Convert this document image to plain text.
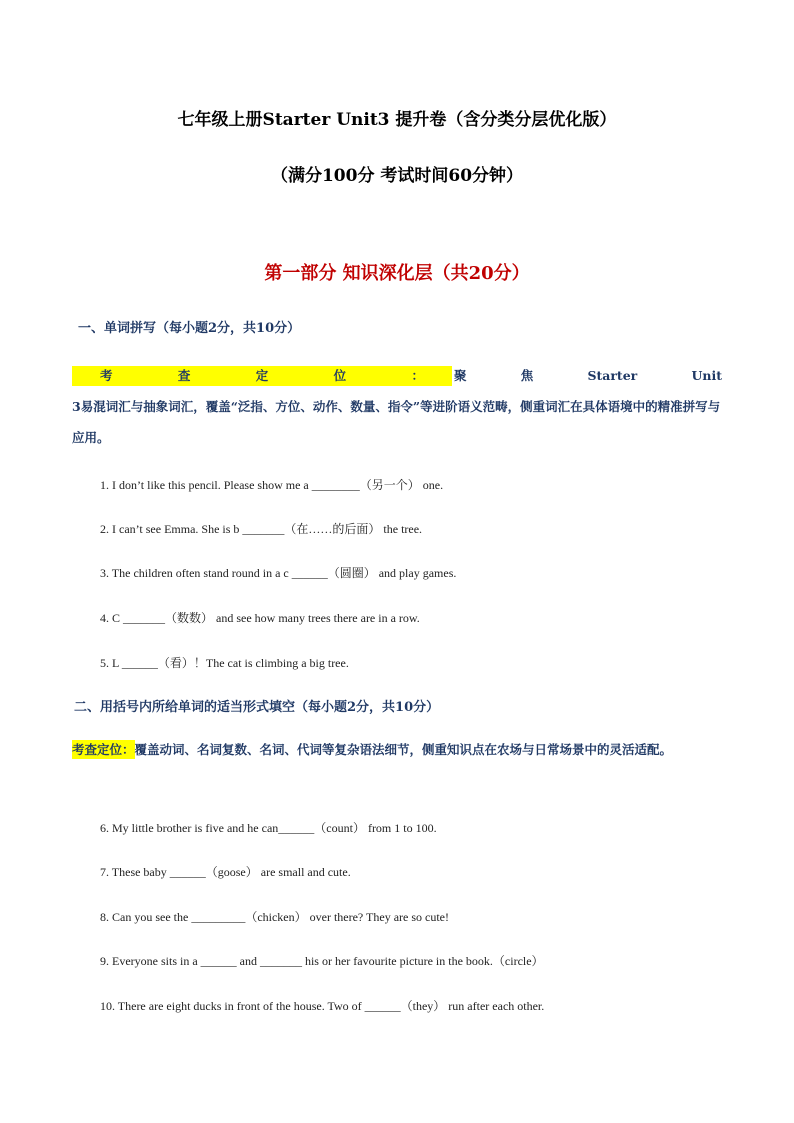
七年级上册Starter Unit3 提升卷（含分类分层优化版）
（满分100分 考试时间60分钟）
第一部分 知识深化层（共20分）
一、单词拼写（每小题2分，共10分）
考	查	定	位	： 聚	焦	Starter	Unit
3易混词汇与抽象词汇，覆盖“泛指、方位、动作、数量、指令”等进阶语义范畴，侧重词汇在具体语境中的精准拼写与应用。
1. I don’t like this pencil. Please show me a ________（另一个） one.
2. I can’t see Emma. She is b _______（在……的后面） the tree.
3. The children often stand round in a c ______（圆圈） and play games.
4. C _______（数数） and see how many trees there are in a row.
5. L ______（看）！The cat is climbing a big tree.
二、用括号内所给单词的适当形式填空（每小题2分，共10分）
考查定位：覆盖动词、名词复数、名词、代词等复杂语法细节，侧重知识点在农场与日常场景中的灵活适配。
6. My little brother is five and he can______（count） from 1 to 100.
7. These baby ______（goose） are small and cute.
8. Can you see the _________（chicken） over there? They are so cute!
9. Everyone sits in a ______ and _______ his or her favourite picture in the book.（circle）
10. There are eight ducks in front of the house. Two of ______（they） run after each other.
